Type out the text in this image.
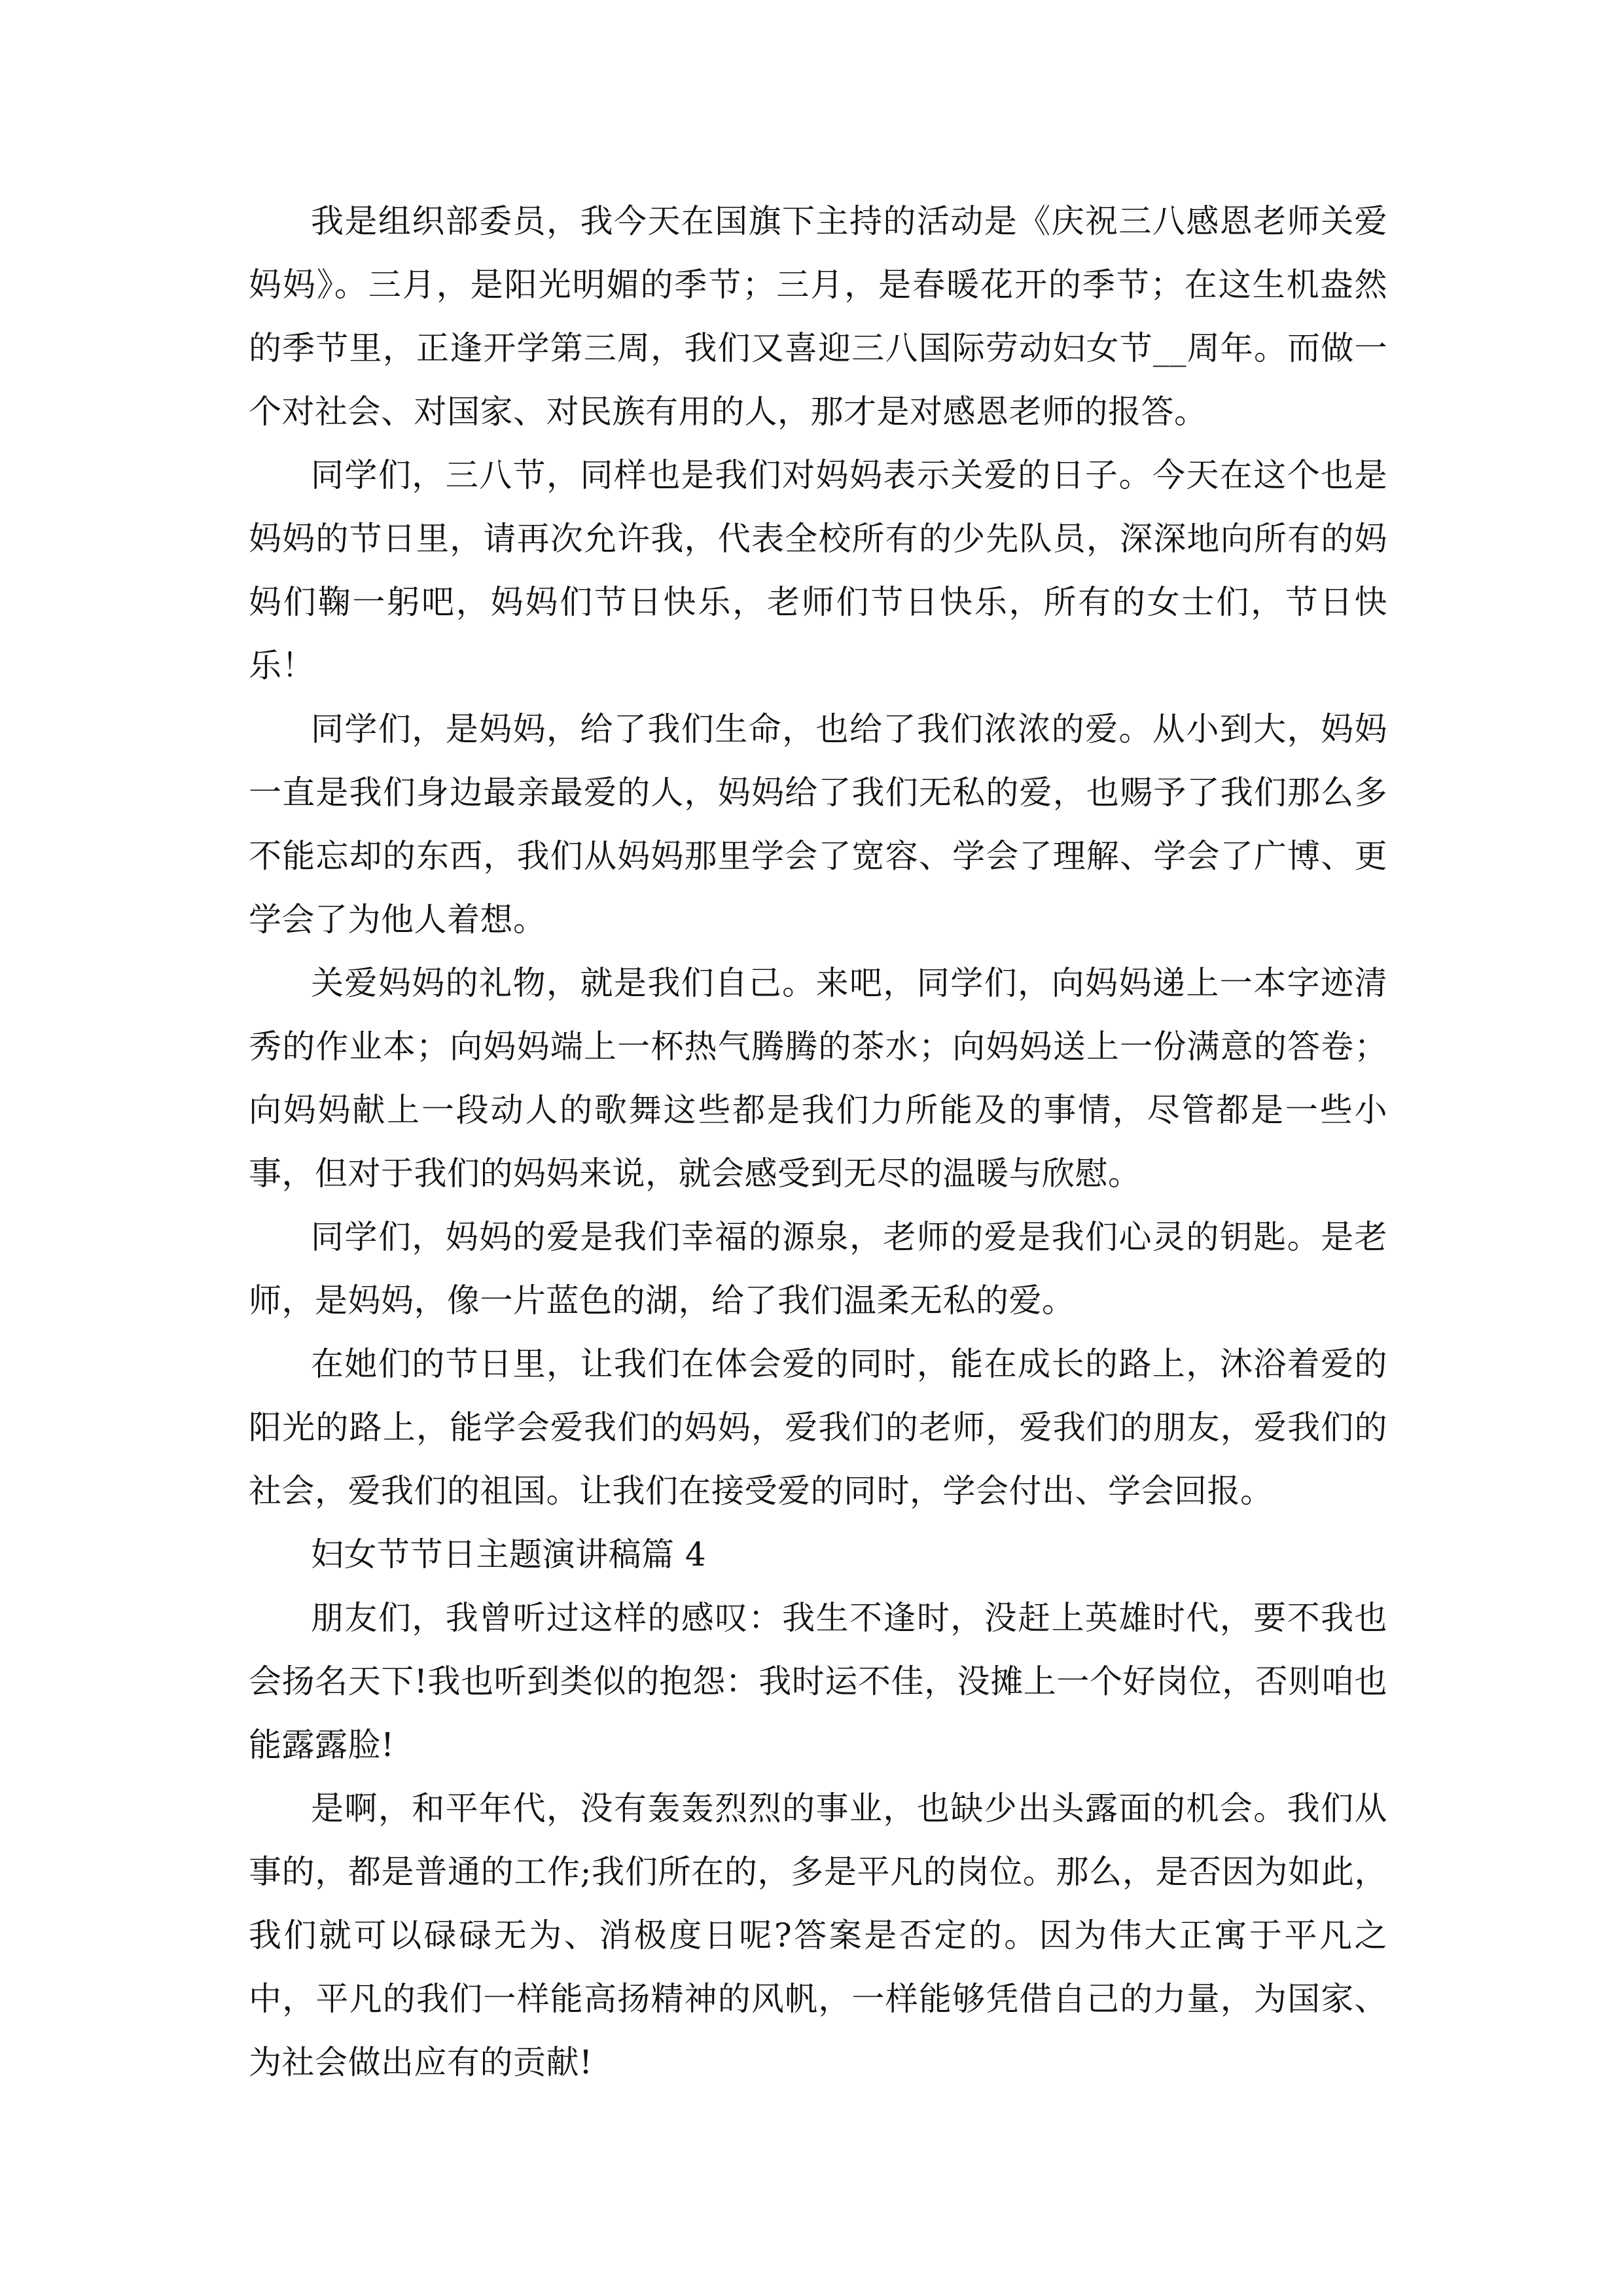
我是组织部委员，我今天在国旗下主持的活动是《庆祝三八感恩老师关爱妈妈》。三月，是阳光明媚的季节；三月，是春暖花开的季节；在这生机盎然的季节里，正逢开学第三周，我们又喜迎三八国际劳动妇女节__周年。而做一个对社会、对国家、对民族有用的人，那才是对感恩老师的报答。

同学们，三八节，同样也是我们对妈妈表示关爱的日子。今天在这个也是妈妈的节日里，请再次允许我，代表全校所有的少先队员，深深地向所有的妈妈们鞠一躬吧，妈妈们节日快乐，老师们节日快乐，所有的女士们，节日快乐！

同学们，是妈妈，给了我们生命，也给了我们浓浓的爱。从小到大，妈妈一直是我们身边最亲最爱的人，妈妈给了我们无私的爱，也赐予了我们那么多不能忘却的东西，我们从妈妈那里学会了宽容、学会了理解、学会了广博、更学会了为他人着想。

关爱妈妈的礼物，就是我们自己。来吧，同学们，向妈妈递上一本字迹清秀的作业本；向妈妈端上一杯热气腾腾的茶水；向妈妈送上一份满意的答卷；向妈妈献上一段动人的歌舞这些都是我们力所能及的事情，尽管都是一些小事，但对于我们的妈妈来说，就会感受到无尽的温暖与欣慰。

同学们，妈妈的爱是我们幸福的源泉，老师的爱是我们心灵的钥匙。是老师，是妈妈，像一片蓝色的湖，给了我们温柔无私的爱。

在她们的节日里，让我们在体会爱的同时，能在成长的路上，沐浴着爱的阳光的路上，能学会爱我们的妈妈，爱我们的老师，爱我们的朋友，爱我们的社会，爱我们的祖国。让我们在接受爱的同时，学会付出、学会回报。

妇女节节日主题演讲稿篇 4

朋友们，我曾听过这样的感叹：我生不逢时，没赶上英雄时代，要不我也会扬名天下!我也听到类似的抱怨：我时运不佳，没摊上一个好岗位，否则咱也能露露脸!

是啊，和平年代，没有轰轰烈烈的事业，也缺少出头露面的机会。我们从事的，都是普通的工作;我们所在的，多是平凡的岗位。那么，是否因为如此，我们就可以碌碌无为、消极度日呢?答案是否定的。因为伟大正寓于平凡之中，平凡的我们一样能高扬精神的风帆，一样能够凭借自己的力量，为国家、为社会做出应有的贡献!
